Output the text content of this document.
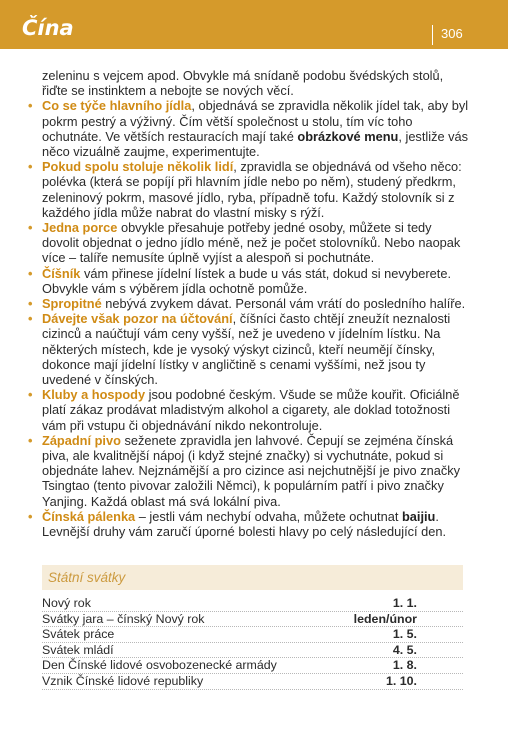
Čína	306

zeleninu s vejcem apod. Obvykle má snídaně podobu švédských stolů, řiďte se instinktem a nebojte se nových věcí.

• Co se týče hlavního jídla, objednává se zpravidla několik jídel tak, aby byl pokrm pestrý a výživný. Čím větší společnost u stolu, tím víc toho ochutnáte. Ve větších restauracích mají také obrázkové menu, jestliže vás něco vizuálně zaujme, experimentujte.
• Pokud spolu stoluje několik lidí, zpravidla se objednává od všeho něco: polévka (která se popíjí při hlavním jídle nebo po něm), studený předkrm, zeleninový pokrm, masové jídlo, ryba, případně tofu. Každý stolovník si z každého jídla může nabrat do vlastní misky s rýží.
• Jedna porce obvykle přesahuje potřeby jedné osoby, můžete si tedy dovolit objednat o jedno jídlo méně, než je počet stolovníků. Nebo naopak více – talíře nemusíte úplně vyjíst a alespoň si pochutnáte.
• Číšník vám přinese jídelní lístek a bude u vás stát, dokud si nevyberete. Obvykle vám s výběrem jídla ochotně pomůže.
• Spropitné nebývá zvykem dávat. Personál vám vrátí do posledního halíře.
• Dávejte však pozor na účtování, číšníci často chtějí zneužít neznalosti cizinců a naúčtují vám ceny vyšší, než je uvedeno v jídelním lístku. Na některých místech, kde je vysoký výskyt cizinců, kteří neumějí čínsky, dokonce mají jídelní lístky v angličtině s cenami vyššími, než jsou ty uvedené v čínských.
• Kluby a hospody jsou podobné českým. Všude se může kouřit. Oficiálně platí zákaz prodávat mladistvým alkohol a cigarety, ale doklad totožnosti vám při vstupu či objednávání nikdo nekontroluje.
• Západní pivo seženete zpravidla jen lahvové. Čepují se zejména čínská piva, ale kvalitnější nápoj (i když stejné značky) si vychutnáte, pokud si objednáte lahev. Nejznámější a pro cizince asi nejchutnější je pivo značky Tsingtao (tento pivovar založili Němci), k populárním patří i pivo značky Yanjing. Každá oblast má svá lokální piva.
• Čínská pálenka – jestli vám nechybí odvaha, můžete ochutnat baijiu. Levnější druhy vám zaručí úporné bolesti hlavy po celý následující den.
Státní svátky
Nový rok	1. 1.
Svátky jara – čínský Nový rok	leden/únor
Svátek práce	1. 5.
Svátek mládí	4. 5.
Den Čínské lidové osvobozenecké armády	1. 8.
Vznik Čínské lidové republiky	1. 10.
